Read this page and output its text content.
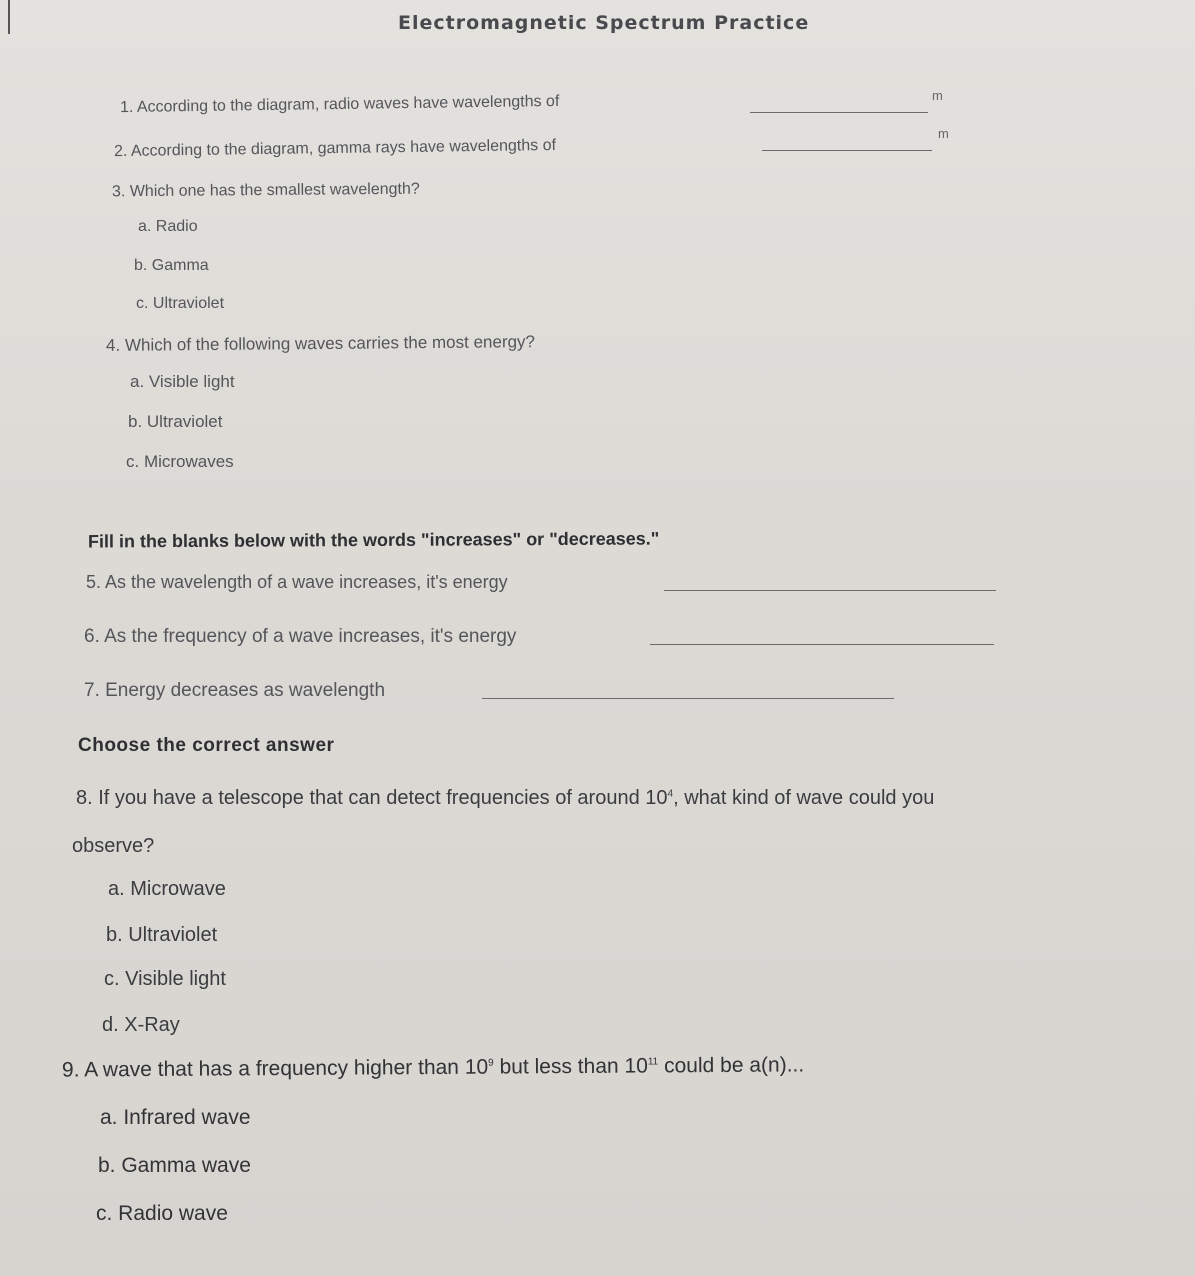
Electromagnetic Spectrum Practice
1. According to the diagram, radio waves have wavelengths of	m
2. According to the diagram, gamma rays have wavelengths of
m
3. Which one has the smallest wavelength?
a. Radio
b. Gamma
c. Ultraviolet
4. Which of the following waves carries the most energy?
a. Visible light
b. Ultraviolet
c. Microwaves
Fill in the blanks below with the words "increases" or "decreases."
5. As the wavelength of a wave increases, it's energy
6. As the frequency of a wave increases, it's energy
7. Energy decreases as wavelength
Choose the correct answer
8. If you have a telescope that can detect frequencies of around $10^4$, what kind of wave could you
observe?
a. Microwave
b. Ultraviolet
c. Visible light
d. X-Ray
9. A wave that has a frequency higher than $10^9$ but less than $10^{11}$ could be a(n)...
a. Infrared wave
b. Gamma wave
c. Radio wave
